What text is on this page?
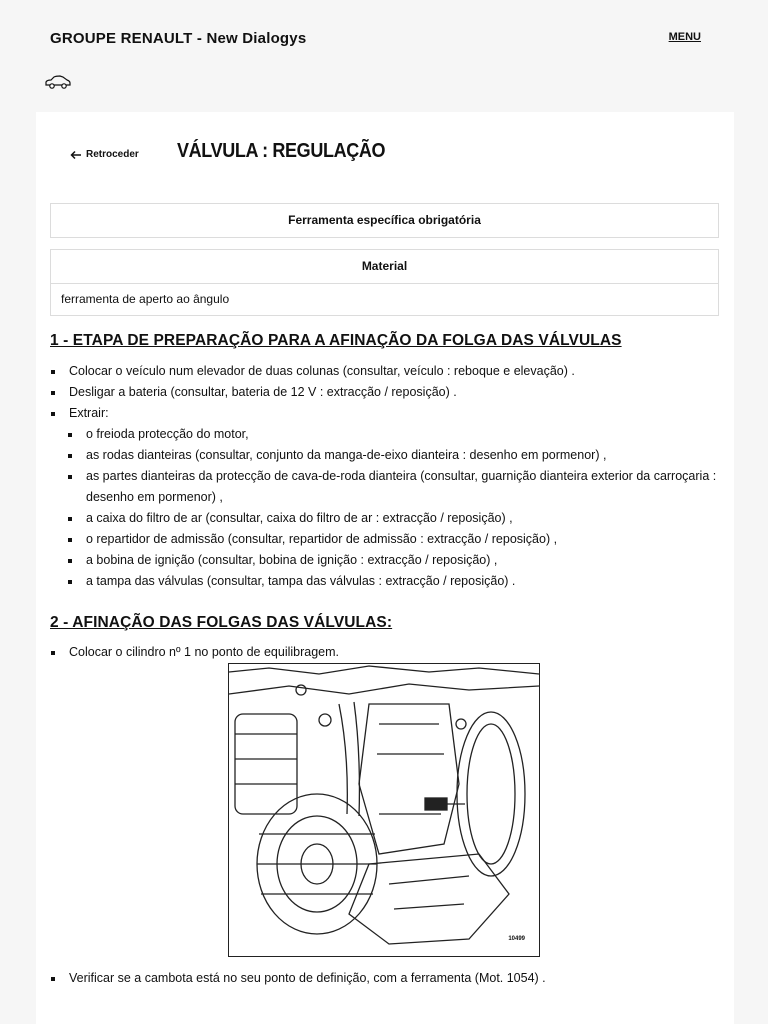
GROUPE RENAULT - New Dialogys	MENU
Retroceder VÁLVULA : REGULAÇÃO
Ferramenta específica obrigatória
Material
ferramenta de aperto ao ângulo
1 - ETAPA DE PREPARAÇÃO PARA A AFINAÇÃO DA FOLGA DAS VÁLVULAS
Colocar o veículo num elevador de duas colunas (consultar, veículo : reboque e elevação) .
Desligar a bateria (consultar, bateria de 12 V : extracção / reposição) .
Extrair:
o freioda protecção do motor,
as rodas dianteiras (consultar, conjunto da manga-de-eixo dianteira : desenho em pormenor) ,
as partes dianteiras da protecção de cava-de-roda dianteira (consultar, guarnição dianteira exterior da carroçaria : desenho em pormenor) ,
a caixa do filtro de ar (consultar, caixa do filtro de ar : extracção / reposição) ,
o repartidor de admissão (consultar, repartidor de admissão : extracção / reposição) ,
a bobina de ignição (consultar, bobina de ignição : extracção / reposição) ,
a tampa das válvulas (consultar, tampa das válvulas : extracção / reposição) .
2 - AFINAÇÃO DAS FOLGAS DAS VÁLVULAS:
Colocar o cilindro nº 1 no ponto de equilibragem.
10499
Verificar se a cambota está no seu ponto de definição, com a ferramenta (Mot. 1054) .
